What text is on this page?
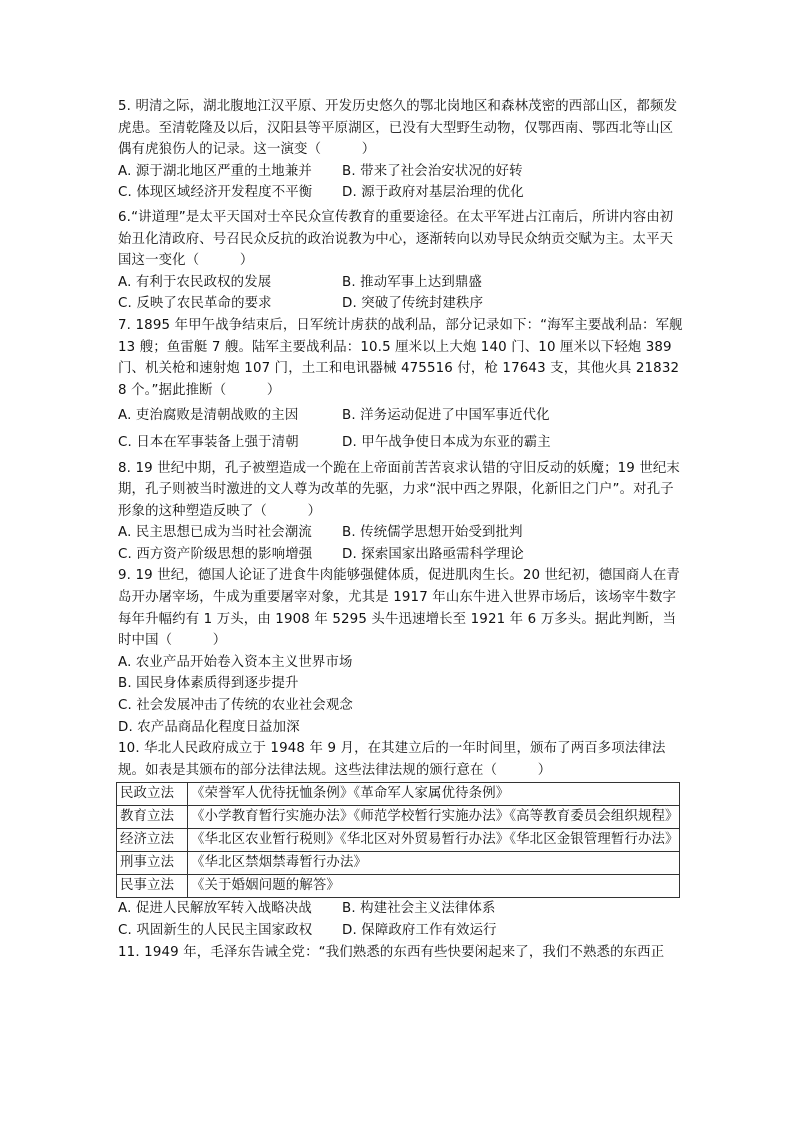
5. 明清之际，湖北腹地江汉平原、开发历史悠久的鄂北岗地区和森林茂密的西部山区，都频发虎患。至清乾隆及以后，汉阳县等平原湖区，已没有大型野生动物，仅鄂西南、鄂西北等山区偶有虎狼伤人的记录。这一演变（　　　）

A. 源于湖北地区严重的土地兼并	B. 带来了社会治安状况的好转
C. 体现区域经济开发程度不平衡	D. 源于政府对基层治理的优化

6.“讲道理”是太平天国对士卒民众宣传教育的重要途径。在太平军进占江南后，所讲内容由初始丑化清政府、号召民众反抗的政治说教为中心，逐渐转向以劝导民众纳贡交赋为主。太平天国这一变化（　　　）

A. 有利于农民政权的发展	B. 推动军事上达到鼎盛
C. 反映了农民革命的要求	D. 突破了传统封建秩序

7. 1895 年甲午战争结束后，日军统计虏获的战利品，部分记录如下：“海军主要战利品：军舰 13 艘；鱼雷艇 7 艘。陆军主要战利品：10.5 厘米以上大炮 140 门、10 厘米以下轻炮 389 门、机关枪和速射炮 107 门，土工和电讯器械 475516 付，枪 17643 支，其他火具 218328 个。”据此推断（　　　）

A. 吏治腐败是清朝战败的主因	B. 洋务运动促进了中国军事近代化
C. 日本在军事装备上强于清朝	D. 甲午战争使日本成为东亚的霸主

8. 19 世纪中期，孔子被塑造成一个跪在上帝面前苦苦哀求认错的守旧反动的妖魔；19 世纪末期，孔子则被当时激进的文人尊为改革的先驱，力求“泯中西之界限，化新旧之门户”。对孔子形象的这种塑造反映了（　　　）

A. 民主思想已成为当时社会潮流	B. 传统儒学思想开始受到批判
C. 西方资产阶级思想的影响增强	D. 探索国家出路亟需科学理论

9. 19 世纪，德国人论证了进食牛肉能够强健体质，促进肌肉生长。20 世纪初，德国商人在青岛开办屠宰场，牛成为重要屠宰对象，尤其是 1917 年山东牛进入世界市场后，该场宰牛数字每年升幅约有 1 万头，由 1908 年 5295 头牛迅速增长至 1921 年 6 万多头。据此判断，当时中国（　　　）

A. 农业产品开始卷入资本主义世界市场
B. 国民身体素质得到逐步提升
C. 社会发展冲击了传统的农业社会观念
D. 农产品商品化程度日益加深

10. 华北人民政府成立于 1948 年 9 月，在其建立后的一年时间里，颁布了两百多项法律法规。如表是其颁布的部分法律法规。这些法律法规的颁行意在（　　　）

民政立法	《荣誉军人优待抚恤条例》《革命军人家属优待条例》
教育立法	《小学教育暂行实施办法》《师范学校暂行实施办法》《高等教育委员会组织规程》
经济立法	《华北区农业暂行税则》《华北区对外贸易暂行办法》《华北区金银管理暂行办法》
刑事立法	《华北区禁烟禁毒暂行办法》
民事立法	《关于婚姻问题的解答》
A. 促进人民解放军转入战略决战	B. 构建社会主义法律体系
C. 巩固新生的人民民主国家政权	D. 保障政府工作有效运行

11. 1949 年，毛泽东告诫全党：“我们熟悉的东西有些快要闲起来了，我们不熟悉的东西正
